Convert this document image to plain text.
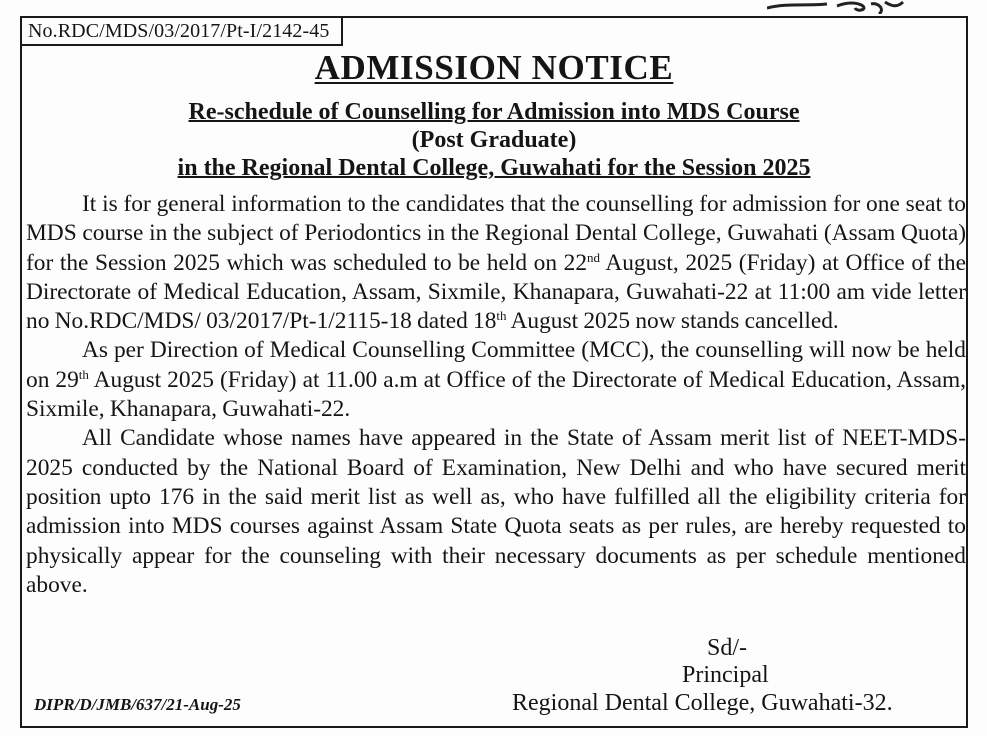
No.RDC/MDS/03/2017/Pt-I/2142-45
ADMISSION NOTICE
Re-schedule of Counselling for Admission into MDS Course
(Post Graduate)
in the Regional Dental College, Guwahati for the Session 2025

It is for general information to the candidates that the counselling for admission for one seat to MDS course in the subject of Periodontics in the Regional Dental College, Guwahati (Assam Quota) for the Session 2025 which was scheduled to be held on 22nd August, 2025 (Friday) at Office of the Directorate of Medical Education, Assam, Sixmile, Khanapara, Guwahati-22 at 11:00 am vide letter no No.RDC/MDS/ 03/2017/Pt-1/2115-18 dated 18th August 2025 now stands cancelled.

As per Direction of Medical Counselling Committee (MCC), the counselling will now be held on 29th August 2025 (Friday) at 11.00 a.m at Office of the Directorate of Medical Education, Assam, Sixmile, Khanapara, Guwahati-22.

All Candidate whose names have appeared in the State of Assam merit list of NEET-MDS-2025 conducted by the National Board of Examination, New Delhi and who have secured merit position upto 176 in the said merit list as well as, who have fulfilled all the eligibility criteria for admission into MDS courses against Assam State Quota seats as per rules, are hereby requested to physically appear for the counseling with their necessary documents as per schedule mentioned above.

Sd/-
Principal
Regional Dental College, Guwahati-32.
DIPR/D/JMB/637/21-Aug-25
